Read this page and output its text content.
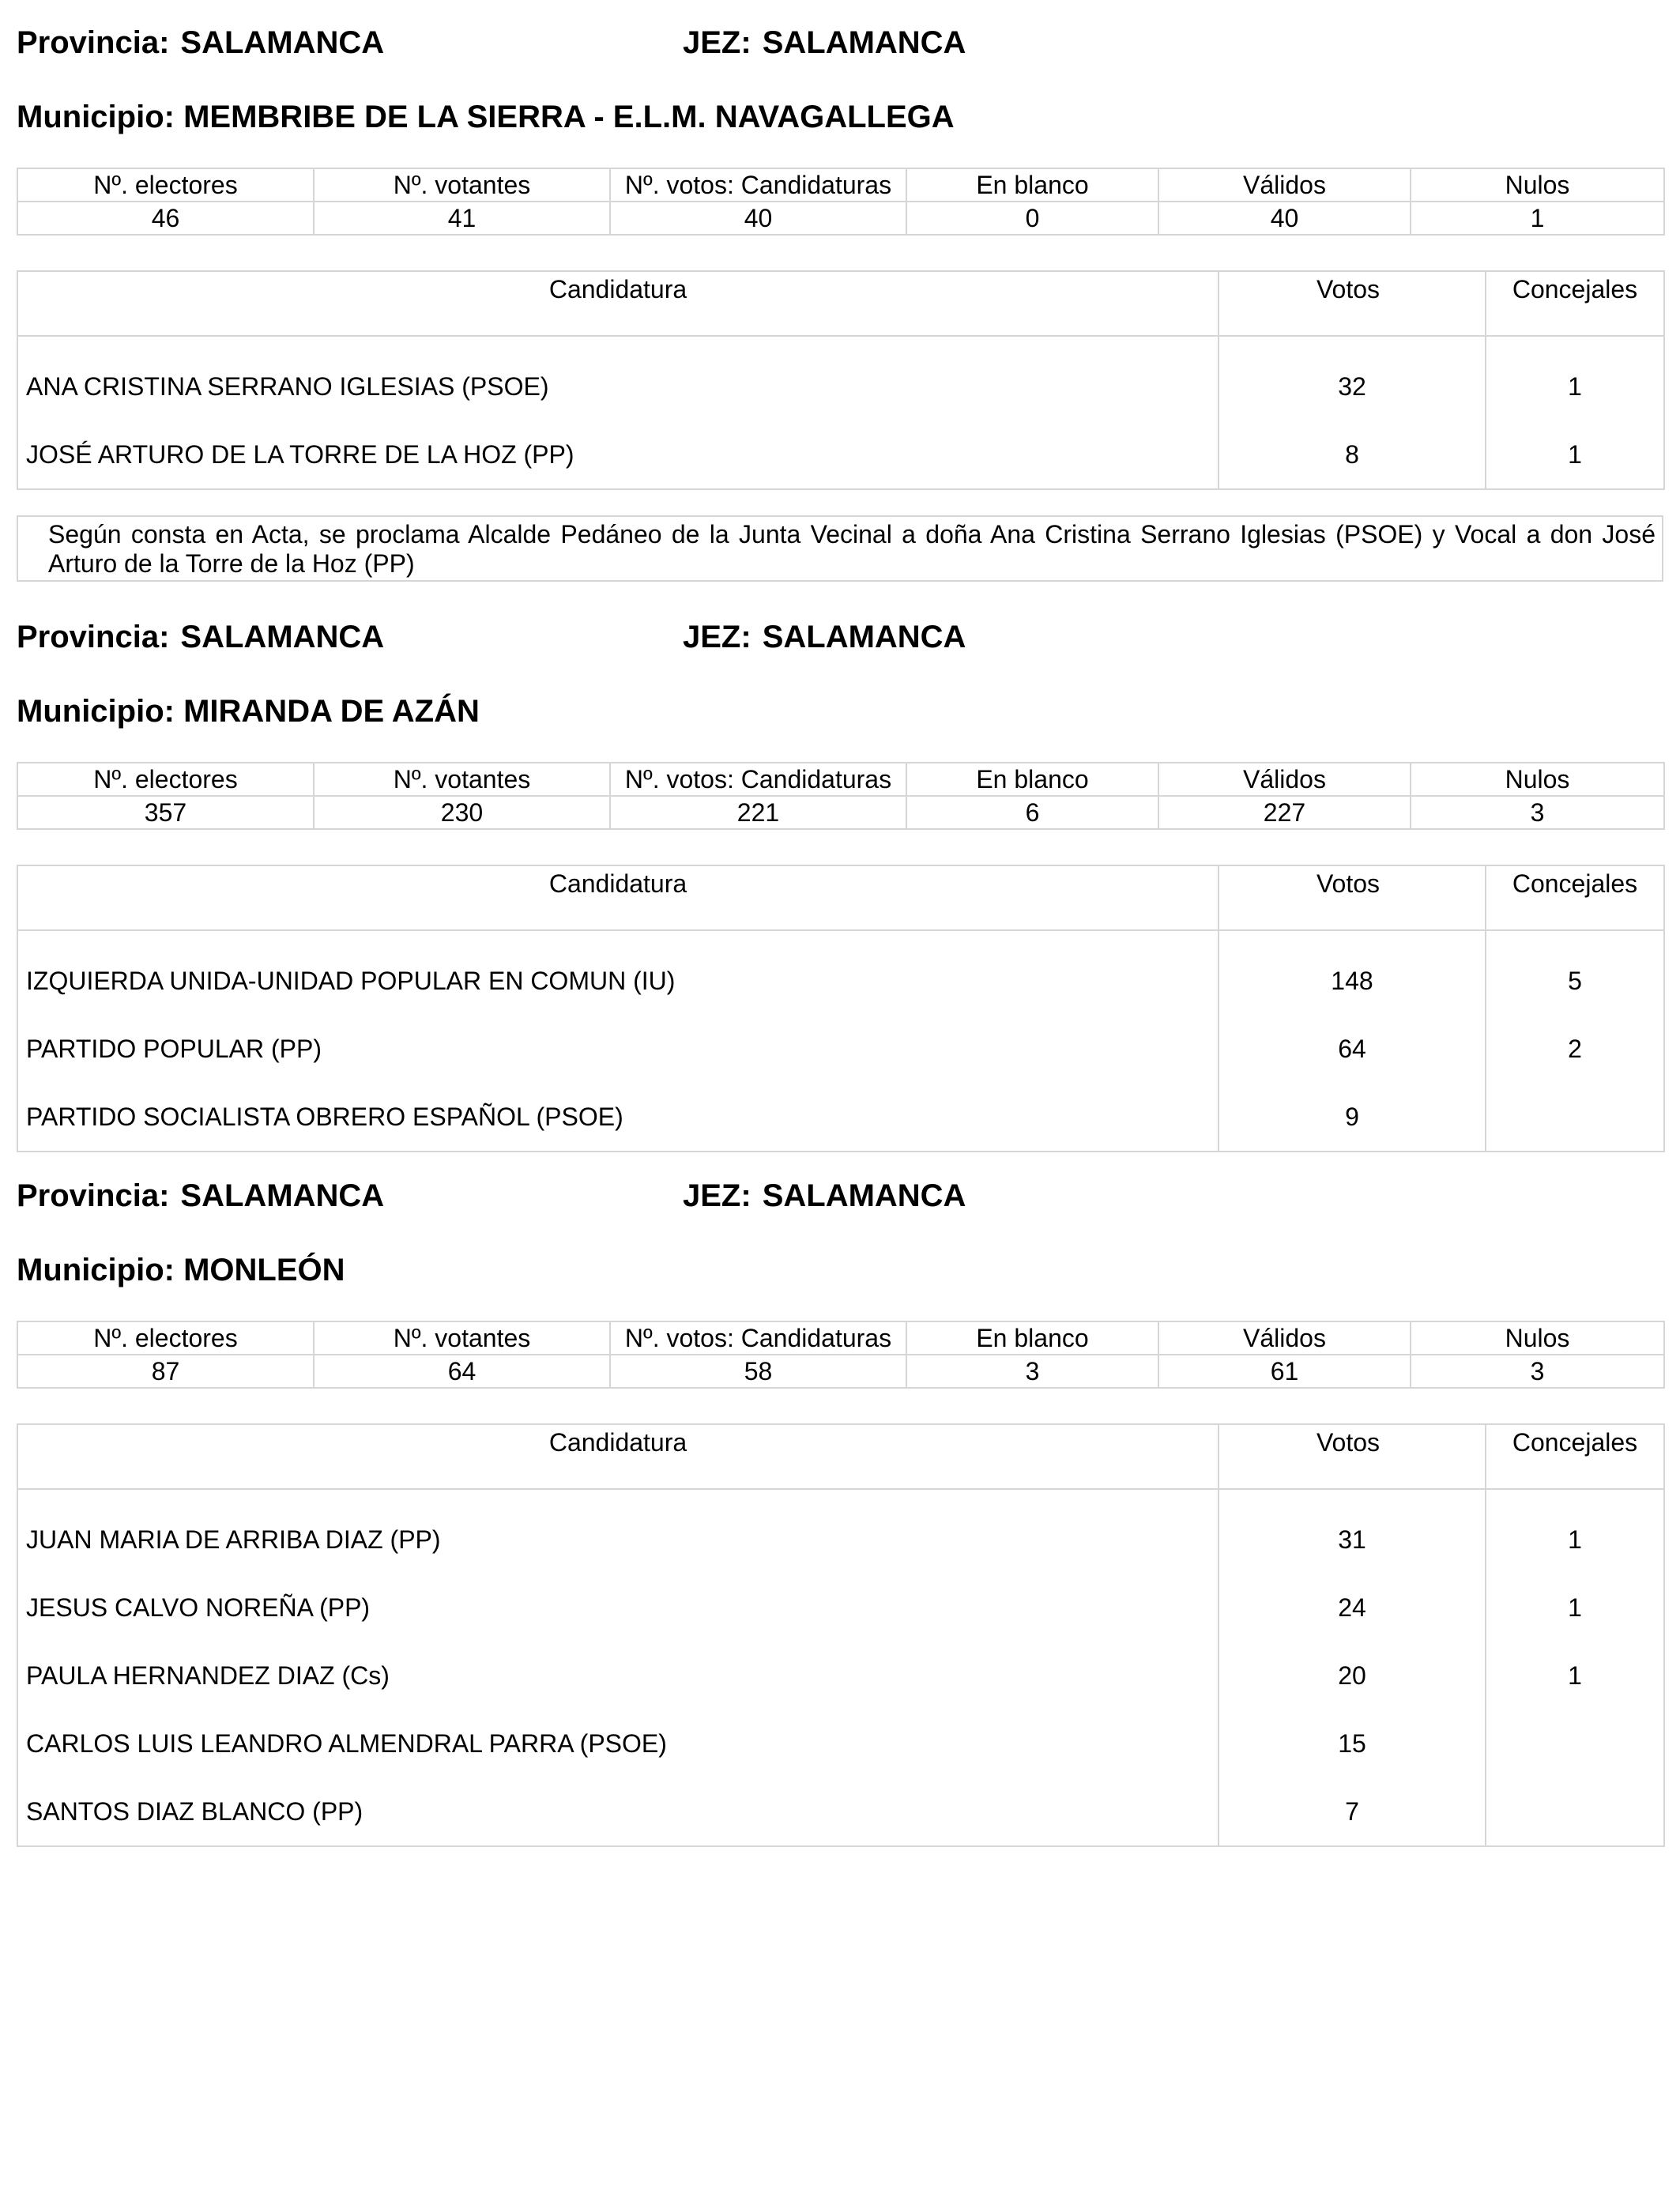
Provincia: SALAMANCA	JEZ: SALAMANCA
Municipio: MEMBRIBE DE LA SIERRA - E.L.M. NAVAGALLEGA
Nº. electores	Nº. votantes	Nº. votos: Candidaturas	En blanco	Válidos	Nulos
46	41	40	0	40	1
Candidatura	Votos	Concejales

ANA CRISTINA SERRANO IGLESIAS (PSOE)	32	1
JOSÉ ARTURO DE LA TORRE DE LA HOZ (PP)	8	1
Según consta en Acta, se proclama Alcalde Pedáneo de la Junta Vecinal a doña Ana Cristina Serrano Iglesias (PSOE) y Vocal a don José Arturo de la Torre de la Hoz (PP)
Provincia: SALAMANCA	JEZ: SALAMANCA
Municipio: MIRANDA DE AZÁN
Nº. electores	Nº. votantes	Nº. votos: Candidaturas	En blanco	Válidos	Nulos
357	230	221	6	227	3
Candidatura	Votos	Concejales

IZQUIERDA UNIDA-UNIDAD POPULAR EN COMUN (IU)	148	5
PARTIDO POPULAR (PP)	64	2
PARTIDO SOCIALISTA OBRERO ESPAÑOL (PSOE)	9	
Provincia: SALAMANCA	JEZ: SALAMANCA
Municipio: MONLEÓN
Nº. electores	Nº. votantes	Nº. votos: Candidaturas	En blanco	Válidos	Nulos
87	64	58	3	61	3
Candidatura	Votos	Concejales

JUAN MARIA DE ARRIBA DIAZ (PP)	31	1
JESUS CALVO NOREÑA (PP)	24	1
PAULA HERNANDEZ DIAZ (Cs)	20	1
CARLOS LUIS LEANDRO ALMENDRAL PARRA (PSOE)	15	
SANTOS DIAZ BLANCO (PP)	7	
